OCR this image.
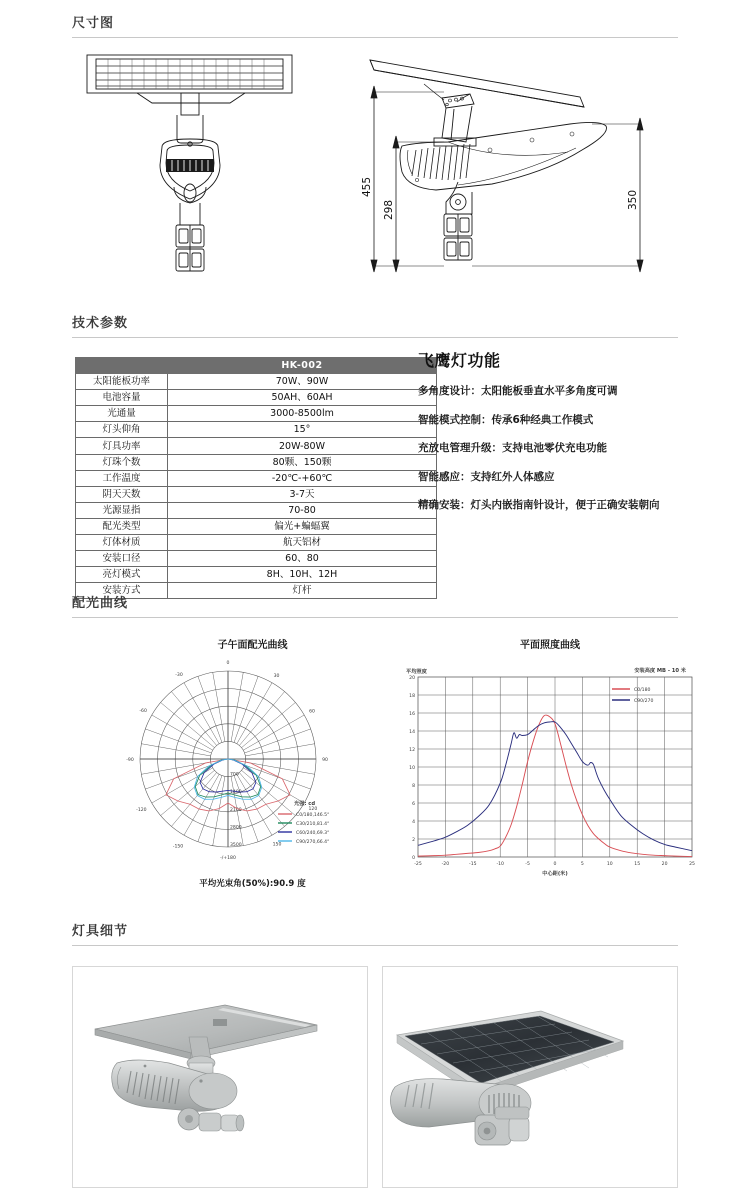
尺寸图
455
298	350
技术参数
	HK-002
太阳能板功率	70W、90W
电池容量	50AH、60AH
光通量	3000-8500lm
灯头仰角	15°
灯具功率	20W-80W
灯珠个数	80颗、150颗
工作温度	-20℃-+60℃
阴天天数	3-7天
光源显指	70-80
配光类型	偏光+蝙蝠翼
灯体材质	航天铝材
安装口径	60、80
亮灯模式	8H、10H、12H
安装方式	灯杆
飞鹰灯功能

多角度设计：太阳能板垂直水平多角度可调

智能模式控制：传承6种经典工作模式

充放电管理升级：支持电池零伏充电功能

智能感应：支持红外人体感应

精确安装：灯头内嵌指南针设计，便于正确安装朝向

配光曲线
子午面配光曲线
-/+180
150
120
90
60
30
0
-30
-60
-90
-120
-150
700
1400
2100
2800
3500
光强: cd
C0/180,146.5°
C30/210,81.4°
C60/240,69.3°
C90/270,66.4°
平均光束角(50%):90.9 度
平面照度曲线
-25	-20	-15	-10	-5	0	5	10	15	20	25
0
2
4
6
8
10
12
14
16
18
20
平均照度
中心距(米)
安装高度 MB - 10 米
C0/180
C90/270
灯具细节
